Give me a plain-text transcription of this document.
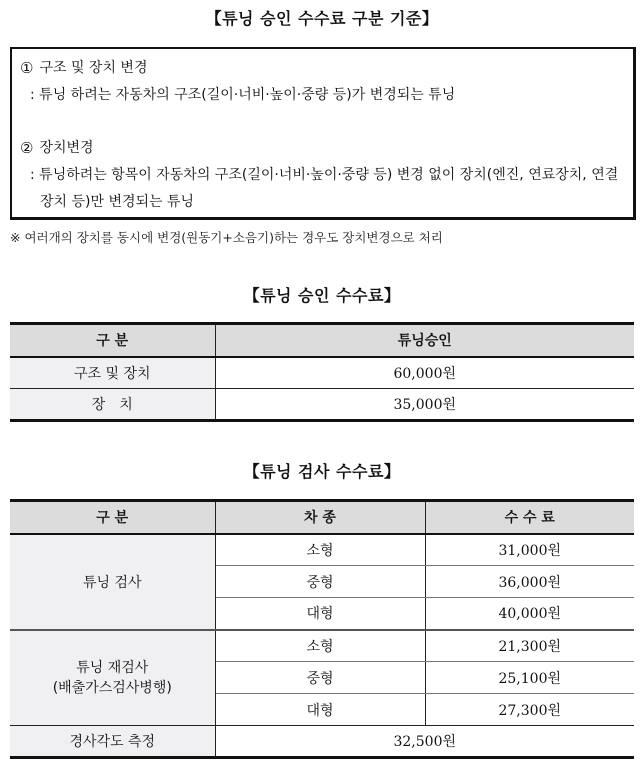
【튜닝 승인 수수료 구분 기준】
① 구조 및 장치 변경
: 튜닝 하려는 자동차의 구조(길이·너비·높이·중량 등)가 변경되는 튜닝
② 장치변경
: 튜닝하려는 항목이 자동차의 구조(길이·너비·높이·중량 등) 변경 없이 장치(엔진, 연료장치, 연결장치 등)만 변경되는 튜닝
※ 여러개의 장치를 동시에 변경(원동기+소음기)하는 경우도 장치변경으로 처리
【튜닝 승인 수수료】
구 분	튜닝승인
구조 및 장치	60,000원
장　치	35,000원
【튜닝 검사 수수료】
구 분	차 종	수 수 료
튜닝 검사	소형	31,000원
	중형	36,000원
	대형	40,000원

튜닝 재검사
(배출가스검사병행)	소형	21,300원
	중형	25,100원
	대형	27,300원
경사각도 측정	32,500원	
